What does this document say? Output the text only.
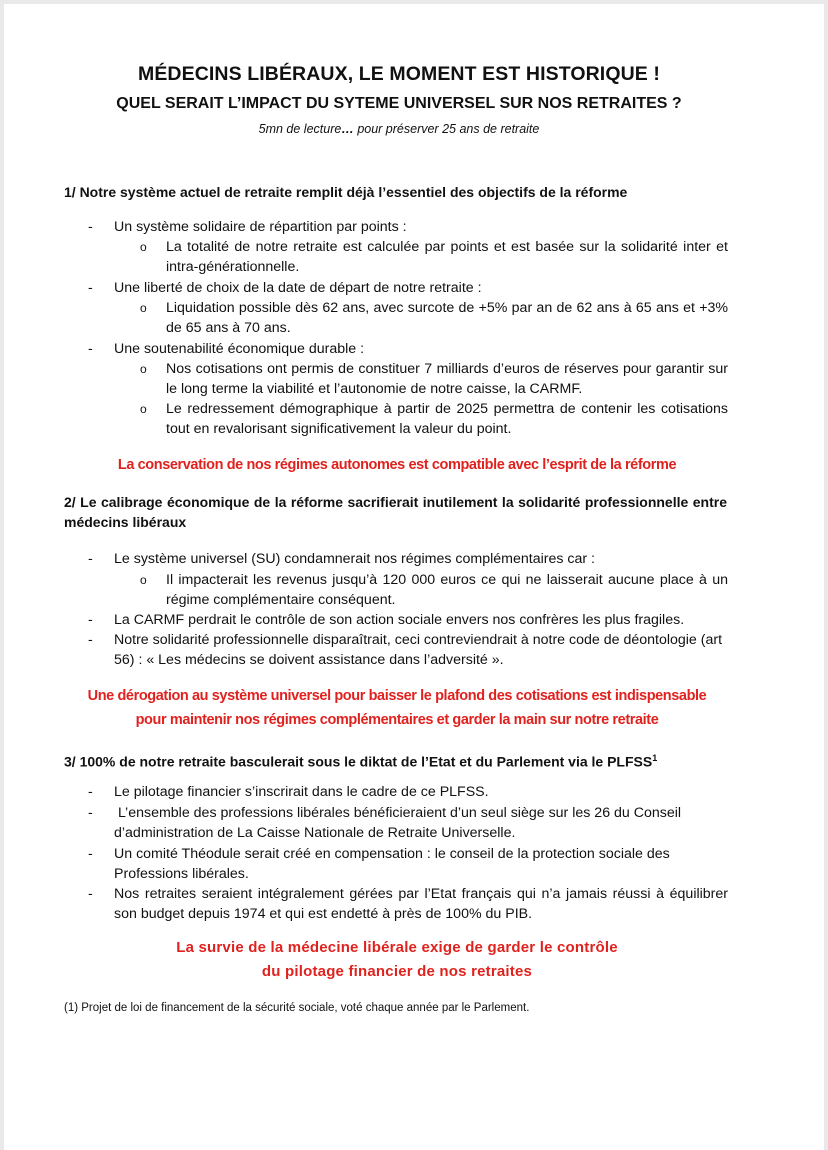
MÉDECINS LIBÉRAUX, LE MOMENT EST HISTORIQUE !
QUEL SERAIT L’IMPACT DU SYTEME UNIVERSEL SUR NOS RETRAITES ?
5mn de lecture… pour préserver 25 ans de retraite
1/ Notre système actuel de retraite remplit déjà l’essentiel des objectifs de la réforme
- Un système solidaire de répartition par points :
o La totalité de notre retraite est calculée par points et est basée sur la solidarité inter et intra-générationnelle.
- Une liberté de choix de la date de départ de notre retraite :
o Liquidation possible dès 62 ans, avec surcote de +5% par an de 62 ans à 65 ans et +3% de 65 ans à 70 ans.
- Une soutenabilité économique durable :
o Nos cotisations ont permis de constituer 7 milliards d’euros de réserves pour garantir sur le long terme la viabilité et l’autonomie de notre caisse, la CARMF.
o Le redressement démographique à partir de 2025 permettra de contenir les cotisations tout en revalorisant significativement la valeur du point.
La conservation de nos régimes autonomes est compatible avec l’esprit de la réforme
2/ Le calibrage économique de la réforme sacrifierait inutilement la solidarité professionnelle entre médecins libéraux
- Le système universel (SU) condamnerait nos régimes complémentaires car :
o Il impacterait les revenus jusqu’à 120 000 euros ce qui ne laisserait aucune place à un régime complémentaire conséquent.
- La CARMF perdrait le contrôle de son action sociale envers nos confrères les plus fragiles.
- Notre solidarité professionnelle disparaîtrait, ceci contreviendrait à notre code de déontologie (art 56) : « Les médecins se doivent assistance dans l’adversité ».
Une dérogation au système universel pour baisser le plafond des cotisations est indispensable
pour maintenir nos régimes complémentaires et garder la main sur notre retraite
3/ 100% de notre retraite basculerait sous le diktat de l’Etat et du Parlement via le PLFSS$^1$
- Le pilotage financier s’inscrirait dans le cadre de ce PLFSS.
- L’ensemble des professions libérales bénéficieraient d’un seul siège sur les 26 du Conseil d’administration de La Caisse Nationale de Retraite Universelle.
- Un comité Théodule serait créé en compensation : le conseil de la protection sociale des Professions libérales.
- Nos retraites seraient intégralement gérées par l’Etat français qui n’a jamais réussi à équilibrer son budget depuis 1974 et qui est endetté à près de 100% du PIB.
La survie de la médecine libérale exige de garder le contrôle
du pilotage financier de nos retraites
(1) Projet de loi de financement de la sécurité sociale, voté chaque année par le Parlement.
